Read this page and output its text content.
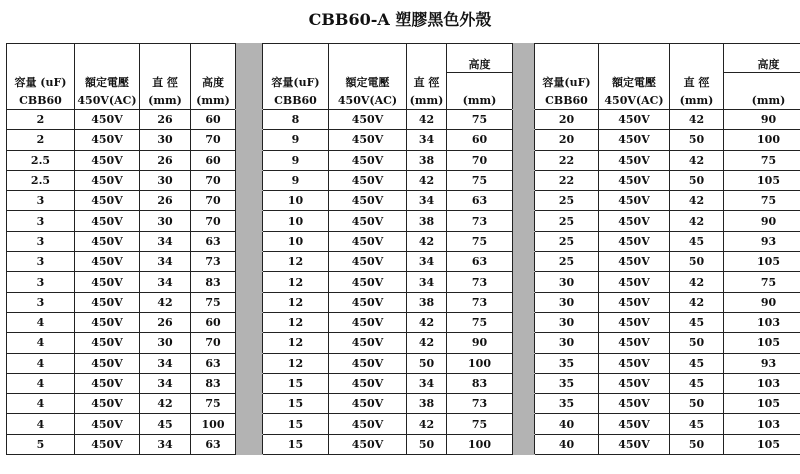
CBB60-A 塑膠黑色外殼
								高度					高度
容量 (uF)	額定電壓	直 徑	高度		容量(uF)	額定電壓	直 徑			容量(uF)	額定電壓	直 徑	
CBB60	450V(AC)	(mm)	(mm)		CBB60	450V(AC)	(mm)	(mm)		CBB60	450V(AC)	(mm)	(mm)
2	450V	26	60		8	450V	42	75		20	450V	42	90
2	450V	30	70		9	450V	34	60		20	450V	50	100
2.5	450V	26	60		9	450V	38	70		22	450V	42	75
2.5	450V	30	70		9	450V	42	75		22	450V	50	105
3	450V	26	70		10	450V	34	63		25	450V	42	75
3	450V	30	70		10	450V	38	73		25	450V	42	90
3	450V	34	63		10	450V	42	75		25	450V	45	93
3	450V	34	73		12	450V	34	63		25	450V	50	105
3	450V	34	83		12	450V	34	73		30	450V	42	75
3	450V	42	75		12	450V	38	73		30	450V	42	90
4	450V	26	60		12	450V	42	75		30	450V	45	103
4	450V	30	70		12	450V	42	90		30	450V	50	105
4	450V	34	63		12	450V	50	100		35	450V	45	93
4	450V	34	83		15	450V	34	83		35	450V	45	103
4	450V	42	75		15	450V	38	73		35	450V	50	105
4	450V	45	100		15	450V	42	75		40	450V	45	103
5	450V	34	63		15	450V	50	100		40	450V	50	105
